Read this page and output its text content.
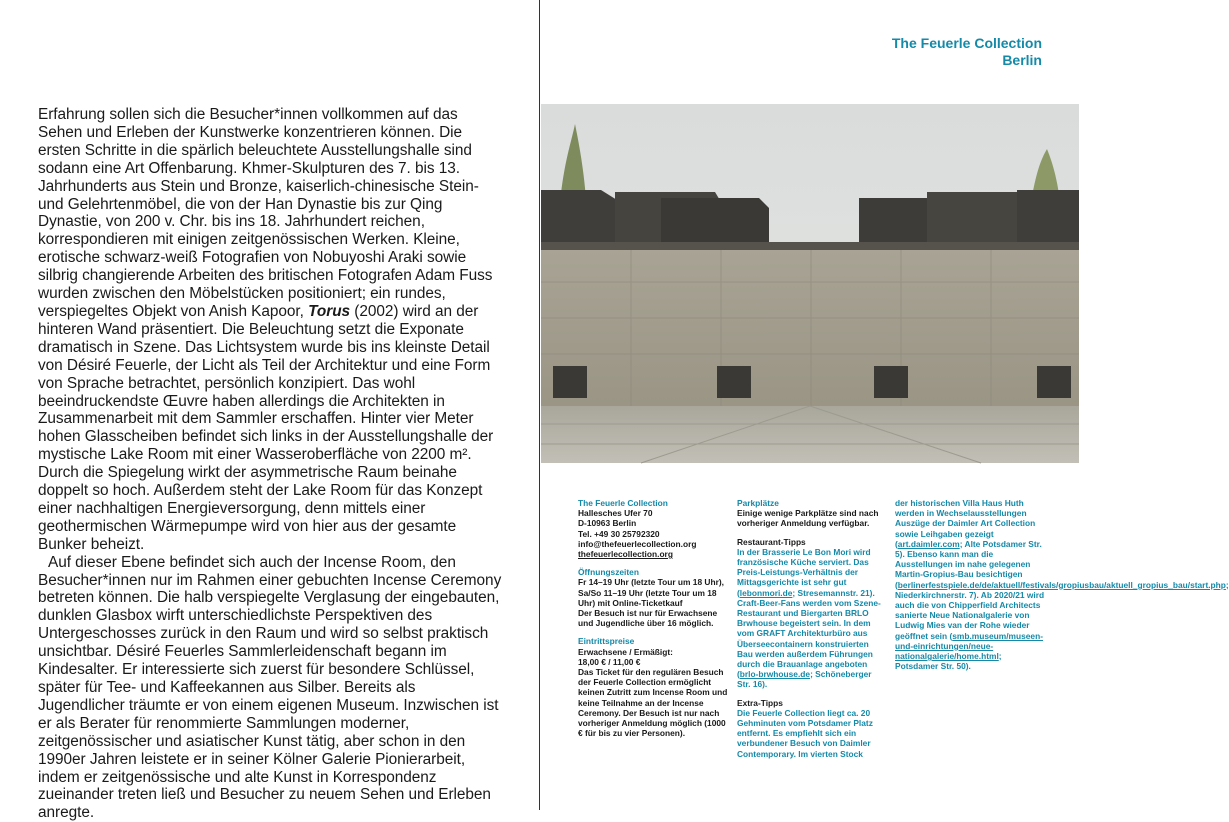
Erfahrung sollen sich die Besucher*innen vollkommen auf das Sehen und Erleben der Kunstwerke konzentrieren können. Die ersten Schritte in die spärlich beleuchtete Ausstellungshalle sind sodann eine Art Offenbarung. Khmer-Skulpturen des 7. bis 13. Jahrhunderts aus Stein und Bronze, kaiserlich-chinesische Stein- und Gelehrtenmöbel, die von der Han Dynastie bis zur Qing Dynastie, von 200 v. Chr. bis ins 18. Jahrhundert reichen, korrespondieren mit einigen zeitgenössischen Werken. Kleine, erotische schwarz-weiß Fotografien von Nobuyoshi Araki sowie silbrig changierende Arbeiten des britischen Fotografen Adam Fuss wurden zwischen den Möbelstücken positioniert; ein rundes, verspiegeltes Objekt von Anish Kapoor, Torus (2002) wird an der hinteren Wand präsentiert. Die Beleuchtung setzt die Exponate dramatisch in Szene. Das Lichtsystem wurde bis ins kleinste Detail von Désiré Feuerle, der Licht als Teil der Architektur und eine Form von Sprache betrachtet, persönlich konzipiert. Das wohl beeindruckendste Œuvre haben allerdings die Architekten in Zusammenarbeit mit dem Sammler erschaffen. Hinter vier Meter hohen Glasscheiben befindet sich links in der Ausstellungshalle der mystische Lake Room mit einer Wasseroberfläche von 2200 m². Durch die Spiegelung wirkt der asymmetrische Raum beinahe doppelt so hoch. Außerdem steht der Lake Room für das Konzept einer nachhaltigen Energieversorgung, denn mittels einer geothermischen Wärmepumpe wird von hier aus der gesamte Bunker beheizt.

Auf dieser Ebene befindet sich auch der Incense Room, den Besucher*innen nur im Rahmen einer gebuchten Incense Ceremony betreten können. Die halb verspiegelte Verglasung der eingebauten, dunklen Glasbox wirft unterschiedlichste Perspektiven des Untergeschosses zurück in den Raum und wird so selbst praktisch unsichtbar. Désiré Feuerles Sammlerleidenschaft begann im Kindesalter. Er interessierte sich zuerst für besondere Schlüssel, später für Tee- und Kaffeekannen aus Silber. Bereits als Jugendlicher träumte er von einem eigenen Museum. Inzwischen ist er als Berater für renommierte Sammlungen moderner, zeitgenössischer und asiatischer Kunst tätig, aber schon in den 1990er Jahren leistete er in seiner Kölner Galerie Pionierarbeit, indem er zeitgenössische und alte Kunst in Korrespondenz zueinander treten ließ und Besucher zu neuem Sehen und Erleben anregte.

The Feuerle Collection
Berlin
The Feuerle Collection
Hallesches Ufer 70
D-10963 Berlin
Tel. +49 30 25792320
info@thefeuerlecollection.org
thefeuerlecollection.org
Öffnungszeiten
Fr 14–19 Uhr (letzte Tour um 18 Uhr), Sa/So 11–19 Uhr (letzte Tour um 18 Uhr) mit Online-Ticketkauf
Der Besuch ist nur für Erwachsene und Jugendliche über 16 möglich.
Eintrittspreise
Erwachsene / Ermäßigt:
18,00 € / 11,00 €
Das Ticket für den regulären Besuch der Feuerle Collection ermöglicht keinen Zutritt zum Incense Room und keine Teilnahme an der Incense Ceremony. Der Besuch ist nur nach vorheriger Anmeldung möglich (1000 € für bis zu vier Personen).
Parkplätze
Einige wenige Parkplätze sind nach vorheriger Anmeldung verfügbar.
Restaurant-Tipps
In der Brasserie Le Bon Mori wird französische Küche serviert. Das Preis-Leistungs-Verhältnis der Mittagsgerichte ist sehr gut (lebonmori.de; Stresemannstr. 21). Craft-Beer-Fans werden vom Szene-Restaurant und Biergarten BRLO Brwhouse begeistert sein. In dem vom GRAFT Architekturbüro aus Überseecontainern konstruierten Bau werden außerdem Führungen durch die Brauanlage angeboten (brlo-brwhouse.de; Schöneberger Str. 16).
Extra-Tipps
Die Feuerle Collection liegt ca. 20 Gehminuten vom Potsdamer Platz entfernt. Es empfiehlt sich ein verbundener Besuch von Daimler Contemporary. Im vierten Stock
der historischen Villa Haus Huth werden in Wechselausstellungen Auszüge der Daimler Art Collection sowie Leihgaben gezeigt (art.daimler.com; Alte Potsdamer Str. 5). Ebenso kann man die Ausstellungen im nahe gelegenen Martin-Gropius-Bau besichtigen (berlinerfestspiele.de/de/aktuell/festivals/gropiusbau/aktuell_gropius_bau/start.php; Niederkirchnerstr. 7). Ab 2020/21 wird auch die von Chipperfield Architects sanierte Neue Nationalgalerie von Ludwig Mies van der Rohe wieder geöffnet sein (smb.museum/museen-und-einrichtungen/neue-nationalgalerie/home.html; Potsdamer Str. 50).
